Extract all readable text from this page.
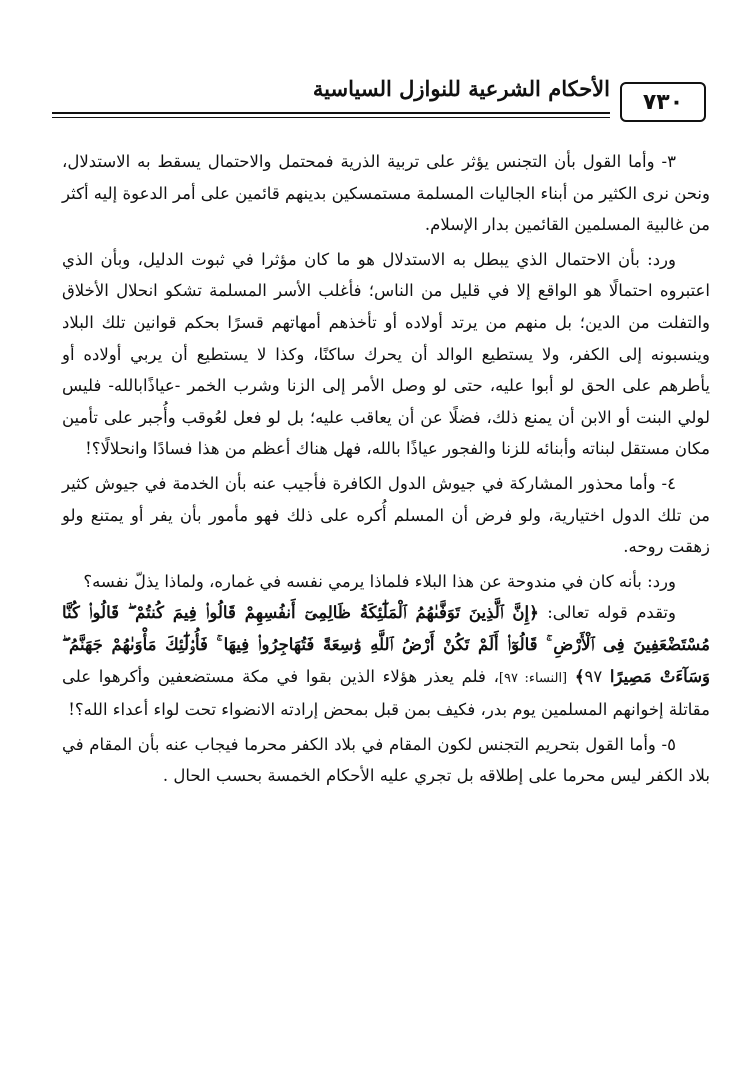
٧٣٠
الأحكام الشرعية للنوازل السياسية

٣- وأما القول بأن التجنس يؤثر على تربية الذرية فمحتمل والاحتمال يسقط به الاستدلال، ونحن نرى الكثير من أبناء الجاليات المسلمة مستمسكين بدينهم قائمين على أمر الدعوة إليه أكثر من غالبية المسلمين القائمين بدار الإسلام.

ورد: بأن الاحتمال الذي يبطل به الاستدلال هو ما كان مؤثرا في ثبوت الدليل، وبأن الذي اعتبروه احتمالًا هو الواقع إلا في قليل من الناس؛ فأغلب الأسر المسلمة تشكو انحلال الأخلاق والتفلت من الدين؛ بل منهم من يرتد أولاده أو تأخذهم أمهاتهم قسرًا بحكم قوانين تلك البلاد وينسبونه إلى الكفر، ولا يستطيع الوالد أن يحرك ساكنًا، وكذا لا يستطيع أن يربي أولاده أو يأطرهم على الحق لو أبوا عليه، حتى لو وصل الأمر إلى الزنا وشرب الخمر -عياذًابالله- فليس لولي البنت أو الابن أن يمنع ذلك، فضلًا عن أن يعاقب عليه؛ بل لو فعل لعُوقب وأُجبر على تأمين مكان مستقل لبناته وأبنائه للزنا والفجور عياذًا بالله، فهل هناك أعظم من هذا فسادًا وانحلالًا؟!

٤- وأما محذور المشاركة في جيوش الدول الكافرة فأجيب عنه بأن الخدمة في جيوش كثير من تلك الدول اختيارية، ولو فرض أن المسلم أُكره على ذلك فهو مأمور بأن يفر أو يمتنع ولو زهقت روحه.

ورد: بأنه كان في مندوحة عن هذا البلاء فلماذا يرمي نفسه في غماره، ولماذا يذلّ نفسه؟

وتقدم قوله تعالى: ﴿إِنَّ ٱلَّذِينَ تَوَفَّىٰهُمُ ٱلْمَلَٰٓئِكَةُ ظَالِمِىٓ أَنفُسِهِمْ قَالُوا۟ فِيمَ كُنتُمْ ۖ قَالُوا۟ كُنَّا مُسْتَضْعَفِينَ فِى ٱلْأَرْضِ ۚ قَالُوٓا۟ أَلَمْ تَكُنْ أَرْضُ ٱللَّهِ وَٰسِعَةً فَتُهَاجِرُوا۟ فِيهَا ۚ فَأُو۟لَٰٓئِكَ مَأْوَىٰهُمْ جَهَنَّمُ ۖ وَسَآءَتْ مَصِيرًا ٩٧﴾ [النساء: ٩٧]، فلم يعذر هؤلاء الذين بقوا في مكة مستضعفين وأكرهوا على مقاتلة إخوانهم المسلمين يوم بدر، فكيف بمن قبل بمحض إرادته الانضواء تحت لواء أعداء الله؟!

٥- وأما القول بتحريم التجنس لكون المقام في بلاد الكفر محرما فيجاب عنه بأن المقام في بلاد الكفر ليس محرما على إطلاقه بل تجري عليه الأحكام الخمسة بحسب الحال .
